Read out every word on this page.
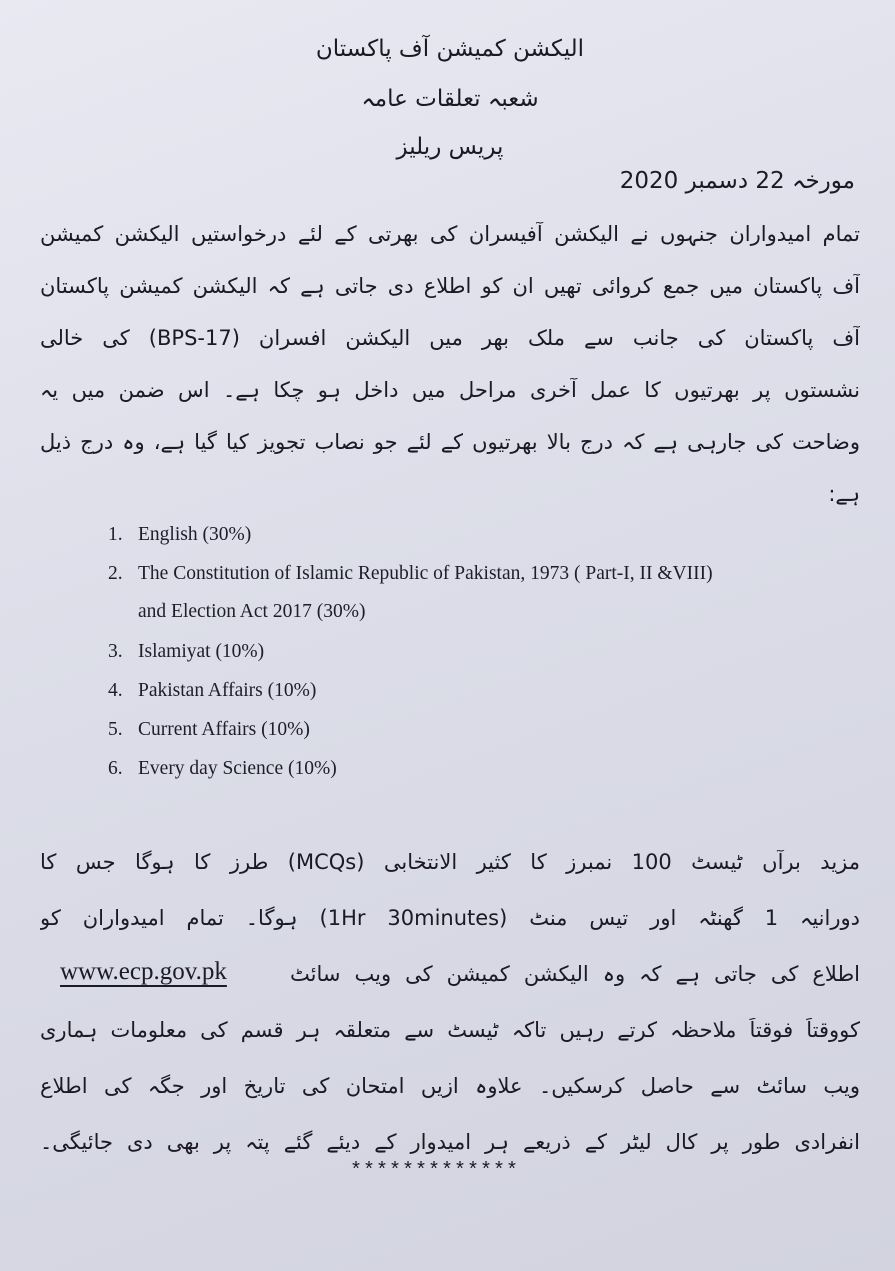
الیکشن کمیشن آف پاکستان
شعبہ تعلقات عامہ
پریس ریلیز
مورخہ 22 دسمبر 2020
تمام امیدواران جنہوں نے الیکشن آفیسران کی بھرتی کے لئے درخواستیں الیکشن کمیشن
آف پاکستان میں جمع کروائی تھیں ان کو اطلاع دی جاتی ہے کہ الیکشن کمیشن پاکستان
آف پاکستان کی جانب سے ملک بھر میں الیکشن افسران (BPS-17) کی خالی
نشستوں پر بھرتیوں کا عمل آخری مراحل میں داخل ہو چکا ہے۔ اس ضمن میں یہ
وضاحت کی جارہی ہے کہ درج بالا بھرتیوں کے لئے جو نصاب تجویز کیا گیا ہے، وہ درج ذیل
ہے:
1. English (30%)
2. The Constitution of Islamic Republic of Pakistan, 1973 ( Part-I, II &VIII)
and Election Act 2017 (30%)
3. Islamiyat (10%)
4. Pakistan Affairs (10%)
5. Current Affairs (10%)
6. Every day Science (10%)
مزید برآں ٹیسٹ 100 نمبرز کا کثیر الانتخابی (MCQs) طرز کا ہوگا جس کا
دورانیہ 1 گھنٹہ اور تیس منٹ (1Hr 30minutes) ہوگا۔ تمام امیدواران کو
اطلاع کی جاتی ہے کہ وہ الیکشن کمیشن کی ویب سائٹ
کووقتاً فوقتاً ملاحظہ کرتے رہیں تاکہ ٹیسٹ سے متعلقہ ہر قسم کی معلومات ہماری
ویب سائٹ سے حاصل کرسکیں۔ علاوہ ازیں امتحان کی تاریخ اور جگہ کی اطلاع
انفرادی طور پر کال لیٹر کے ذریعے ہر امیدوار کے دیئے گئے پتہ پر بھی دی جائیگی۔
www.ecp.gov.pk
*************
